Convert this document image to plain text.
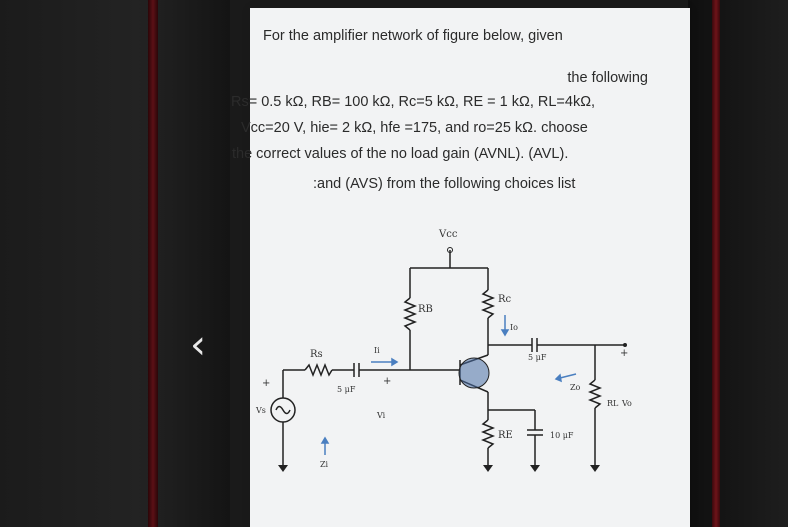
‹
For the amplifier network of figure below, given
the following
Rs= 0.5 kΩ, RB= 100 kΩ, Rc=5 kΩ, RE = 1 kΩ, RL=4kΩ,
Vcc=20 V, hie= 2 kΩ, hfe =175, and ro=25 kΩ. choose
the correct values of the no load gain (AVNL). (AVL).
:and (AVS) from the following choices list
Vcc
RB
Rc
Rs
RE
RL
5 μF
5 μF
10 μF
Vs
Vi
Zi
Zo
Ii
Io
Vo
+	+
+
